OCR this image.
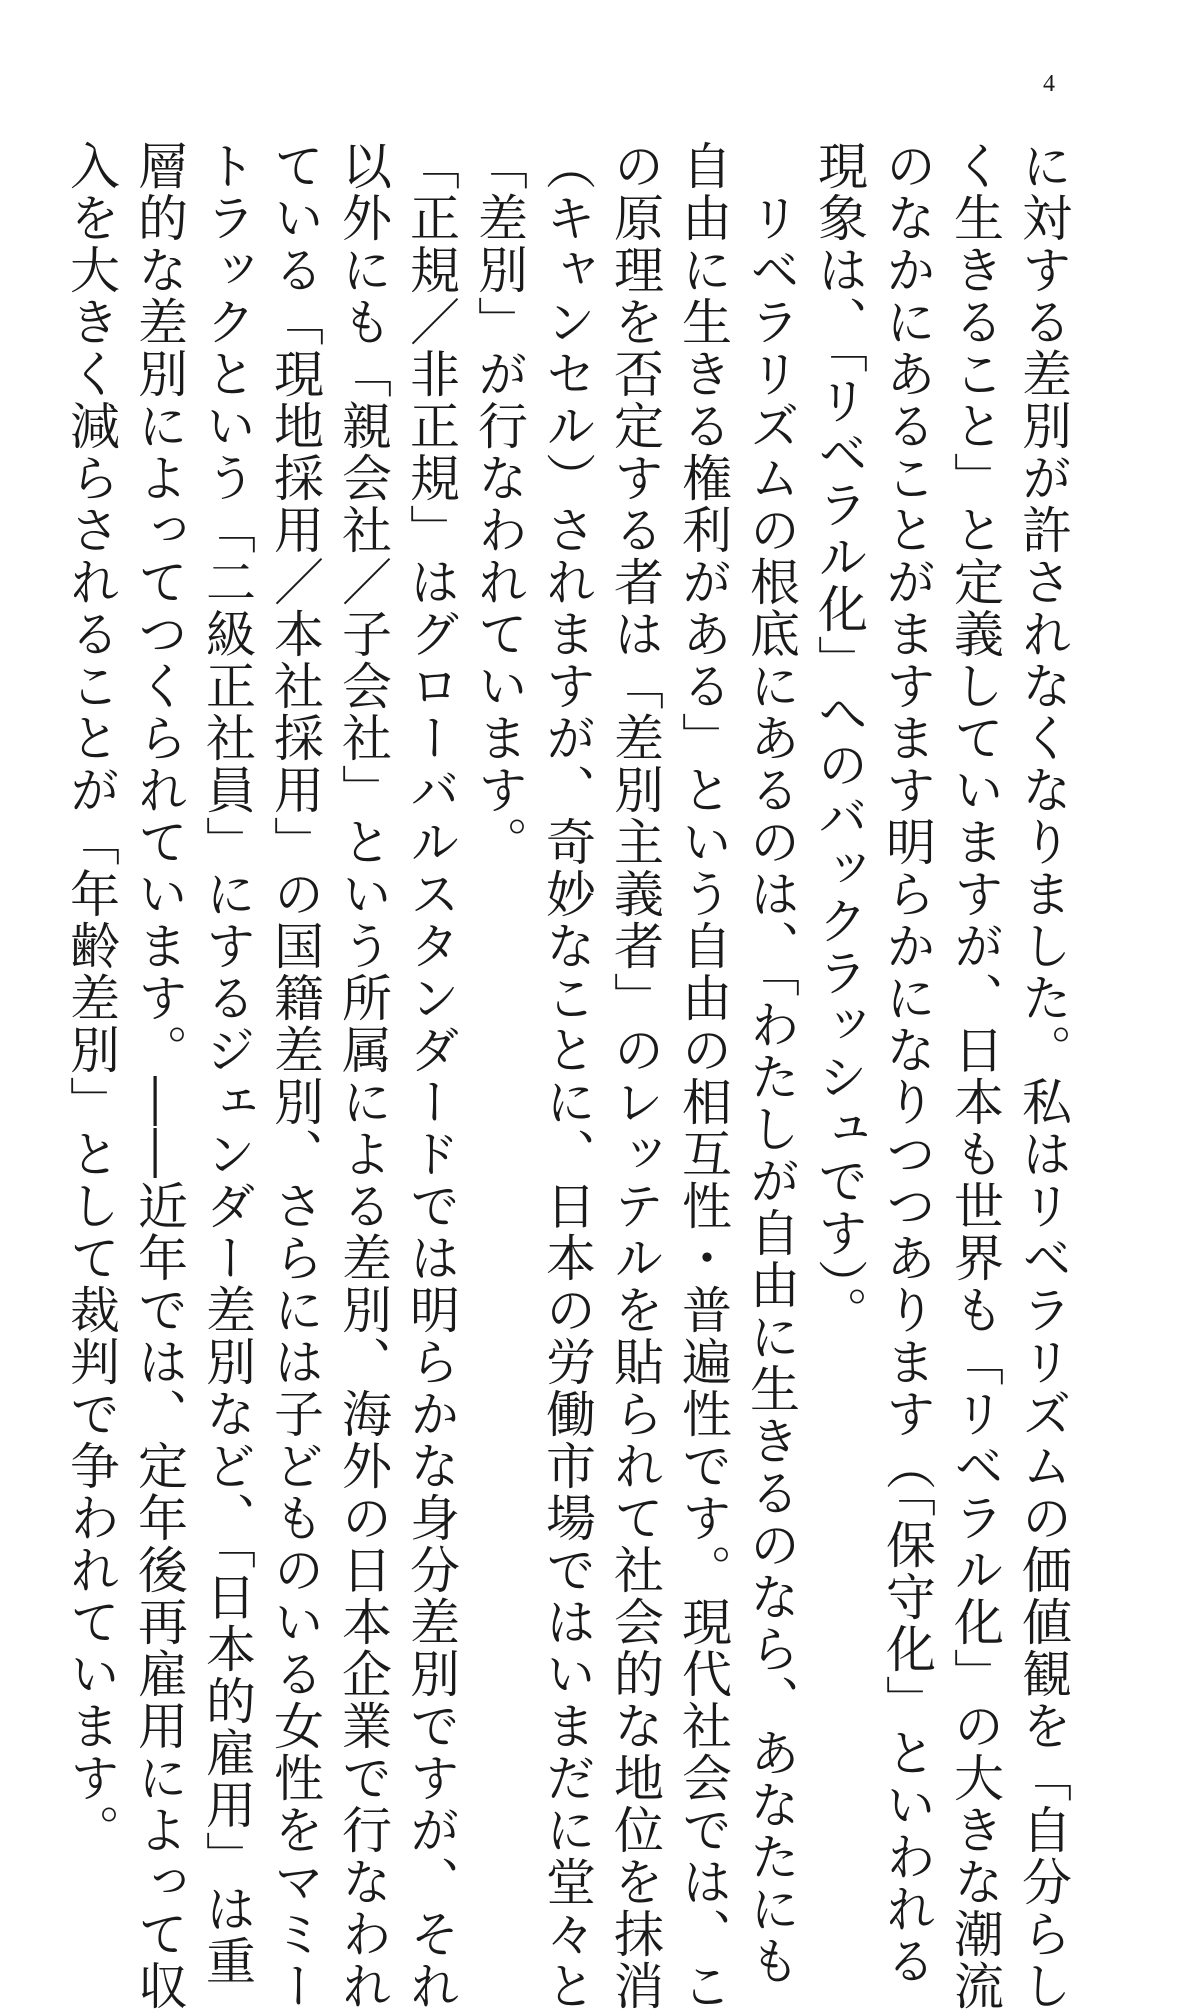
4
に対する差別が許されなくなりました。私はリベラリズムの価値観を「自分らし
く生きること」と定義していますが、日本も世界も「リベラル化」の大きな潮流
のなかにあることがますます明らかになりつつあります（「保守化」といわれる
現象は、「リベラル化」へのバックラッシュです）。
　リベラリズムの根底にあるのは、「わたしが自由に生きるのなら、あなたにも
自由に生きる権利がある」という自由の相互性・普遍性です。現代社会では、こ
の原理を否定する者は「差別主義者」のレッテルを貼られて社会的な地位を抹消
（キャンセル）されますが、奇妙なことに、日本の労働市場ではいまだに堂々と
「差別」が行なわれています。
「正規／非正規」はグローバルスタンダードでは明らかな身分差別ですが、それ
以外にも「親会社／子会社」という所属による差別、海外の日本企業で行なわれ
ている「現地採用／本社採用」の国籍差別、さらには子どものいる女性をマミー
トラックという「二級正社員」にするジェンダー差別など、「日本的雇用」は重
層的な差別によってつくられています。――近年では、定年後再雇用によって収
入を大きく減らされることが「年齢差別」として裁判で争われています。
